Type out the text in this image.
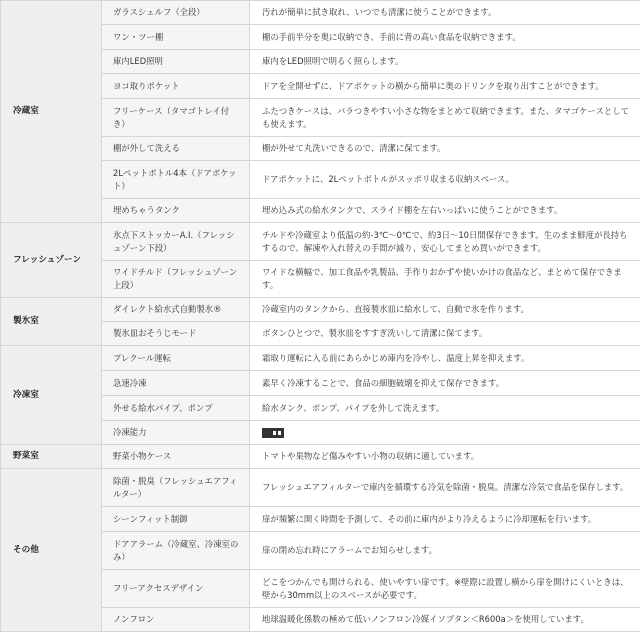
冷蔵室	ガラスシェルフ（全段）	汚れが簡単に拭き取れ、いつでも清潔に使うことができます。
	ワン・ツー棚	棚の手前半分を奥に収納でき、手前に背の高い食品を収納できます。
	庫内LED照明	庫内をLED照明で明るく照らします。
	ヨコ取りポケット	ドアを全開せずに、ドアポケットの横から簡単に奥のドリンクを取り出すことができます。
	フリーケース（タマゴトレイ付き）	ふたつきケースは、バラつきやすい小さな物をまとめて収納できます。また、タマゴケースとしても使えます。
	棚が外して洗える	棚が外せて丸洗いできるので、清潔に保てます。
	2Lペットボトル4本（ドアポケット）	ドアポケットに、2Lペットボトルがスッポリ収まる収納スペース。
	埋めちゃうタンク	埋め込み式の給水タンクで、スライド棚を左右いっぱいに使うことができます。
フレッシュゾーン	氷点下ストッカーA.I.（フレッシュゾーン下段）	チルドや冷蔵室より低温の約-3℃～0℃で、約3日～10日間保存できます。生のまま鮮度が長持ちするので、解凍や入れ替えの手間が減り、安心してまとめ買いができます。
	ワイドチルド（フレッシュゾーン上段）	ワイドな横幅で、加工食品や乳製品、手作りおかずや使いかけの食品など、まとめて保存できます。
製氷室	ダイレクト給水式自動製氷®	冷蔵室内のタンクから、直接製氷皿に給水して、自動で氷を作ります。
	製氷皿おそうじモード	ボタンひとつで、製氷皿をすすぎ洗いして清潔に保てます。
冷凍室	プレクール運転	霜取り運転に入る前にあらかじめ庫内を冷やし、温度上昇を抑えます。
	急速冷凍	素早く冷凍することで、食品の細胞破壊を抑えて保存できます。
	外せる給水パイプ、ポンプ	給水タンク、ポンプ、パイプを外して洗えます。
	冷凍能力	

野菜室	野菜小物ケース	トマトや果物など傷みやすい小物の収納に適しています。
その他	除菌・脱臭（フレッシュエアフィルター）	フレッシュエアフィルターで庫内を循環する冷気を除菌・脱臭。清潔な冷気で食品を保存します。
	シーンフィット制御	扉が頻繁に開く時間を予測して、その前に庫内がより冷えるように冷却運転を行います。
	ドアアラーム（冷蔵室、冷凍室のみ）	扉の閉め忘れ時にアラームでお知らせします。
	フリーアクセスデザイン	どこをつかんでも開けられる、使いやすい扉です。※壁際に設置し横から扉を開けにくいときは、壁から30mm以上のスペースが必要です。
	ノンフロン	地球温暖化係数の極めて低いノンフロン冷媒イソブタン＜R600a＞を使用しています。
